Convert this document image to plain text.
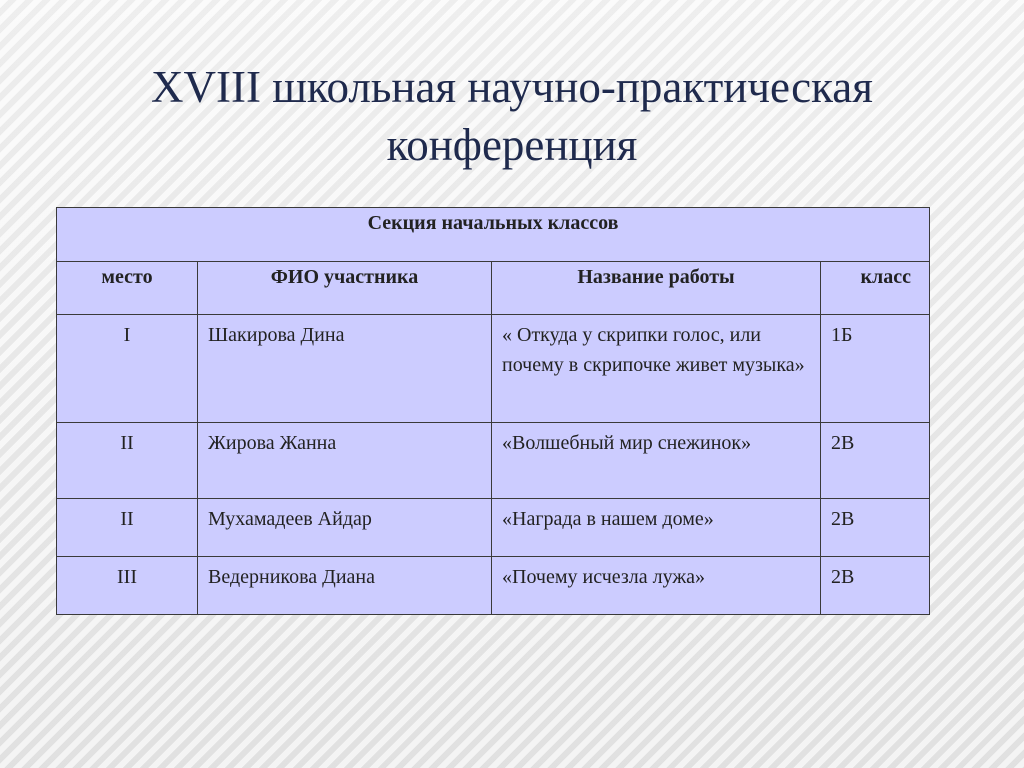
XVIII школьная научно-практическая
конференция
Секция начальных классов			
место	ФИО участника	Название работы	класс
I	Шакирова Дина	« Откуда у скрипки голос, или почему в скрипочке живет музыка»	1Б
II	Жирова Жанна	«Волшебный мир снежинок»	2В
II	Мухамадеев Айдар	«Награда в нашем доме»	2В
III	Ведерникова Диана	«Почему исчезла лужа»	2В
